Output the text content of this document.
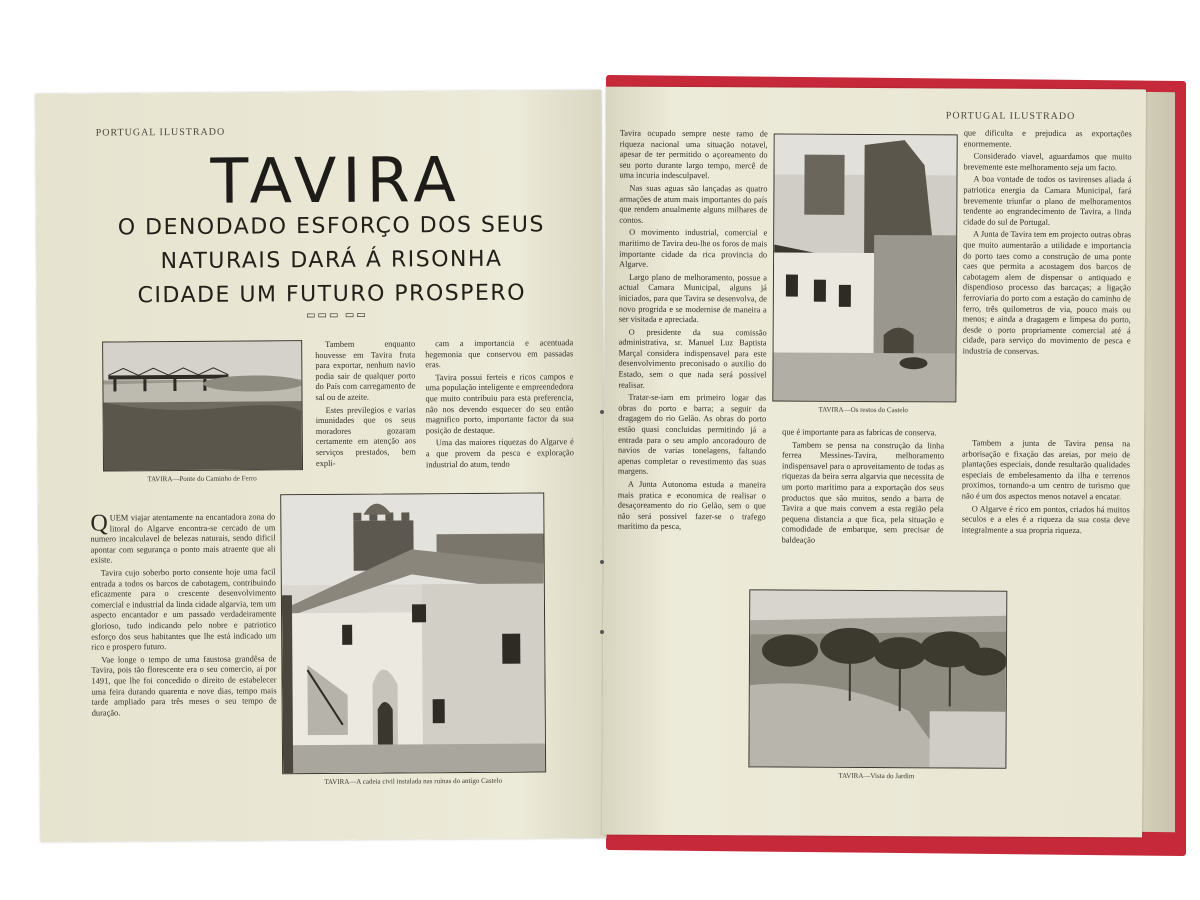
PORTUGAL ILUSTRADO
TAVIRA
O DENODADO ESFORÇO DOS SEUS
NATURAIS DARÁ Á RISONHA
CIDADE UM FUTURO PROSPERO
▭▭▭ ▭▭
TAVIRA—Ponte do Caminho de Ferro

Tambem enquanto houvesse em Tavira fruta para exportar, nenhum navio podia sair de qualquer porto do País com carregamento de sal ou de azeite.

Estes previlegios e varias imunidades que os seus moradores gozaram certamente em atenção aos serviços prestados, bem expli-

cam a importancia e acentuada hegemonia que conservou em passadas eras.

Tavira possui ferteis e ricos campos e uma população inteligente e empreendedora que muito contribuiu para esta preferencia, não nos devendo esquecer do seu então magnifico porto, importante factor da sua posição de destaque.

Uma das maiores riquezas do Algarve é a que provem da pesca e exploração industrial do atum, tendo

QUEM viajar atentamente na encantadora zona do litoral do Algarve encontra-se cercado de um numero incalculavel de belezas naturais, sendo dificil apontar com segurança o ponto mais atraente que ali existe.

Tavira cujo soberbo porto consente hoje uma facil entrada a todos os barcos de cabotagem, contribuindo eficazmente para o crescente desenvolvimento comercial e industrial da linda cidade algarvia, tem um aspecto encantador e um passado verdadeiramente glorioso, tudo indicando pelo nobre e patriotico esforço dos seus habitantes que lhe está indicado um rico e prospero futuro.

Vae longe o tempo de uma faustosa grandêsa de Tavira, pois tão florescente era o seu comercio, aí por 1491, que lhe foi concedido o direito de estabelecer uma feira durando quarenta e nove dias, tempo mais tarde ampliado para três meses o seu tempo de duração.

TAVIRA—A cadeia civil instalada nas ruinas do antigo Castelo
PORTUGAL ILUSTRADO

Tavira ocupado sempre neste ramo de riqueza nacional uma situação notavel, apesar de ter permitido o açoreamento do seu porto durante largo tempo, mercê de uma incuria indesculpavel.

Nas suas aguas são lançadas as quatro armações de atum mais importantes do país que rendem anualmente alguns milhares de contos.

O movimento industrial, comercial e maritimo de Tavira deu-lhe os foros de mais importante cidade da rica provincia do Algarve.

Largo plano de melhoramento, possue a actual Camara Municipal, alguns já iniciados, para que Tavira se desenvolva, de novo progrida e se modernise de maneira a ser visitada e apreciada.

O presidente da sua comissão administrativa, sr. Manuel Luz Baptista Marçal considera indispensavel para este desenvolvimento preconisado o auxilio do Estado, sem o que nada será possivel realisar.

Tratar-se-iam em primeiro logar das obras do porto e barra; a seguir da dragagem do rio Gelão. As obras do porto estão quasi concluidas permitindo já a entrada para o seu amplo ancoradouro de navios de varias tonelagens, faltando apenas completar o revestimento das suas margens.

A Junta Autonoma estuda a maneira mais pratica e economica de realisar o desaçoreamento do rio Gelão, sem o que não será possivel fazer-se o trafego maritimo da pesca,

TAVIRA—Os restos do Castelo

que dificulta e prejudica as exportações enormemente.

Considerado viavel, aguardamos que muito brevemente este melhoramento seja um facto.

A boa vontade de todos os tavirenses aliada á patriotica energia da Camara Municipal, fará brevemente triunfar o plano de melhoramentos tendente ao engrandecimento de Tavira, a linda cidade do sul de Portugal.

A Junta de Tavira tem em projecto outras obras que muito aumentarão a utilidade e importancia do porto taes como a construção de uma ponte caes que permita a acostagem dos barcos de cabotagem alem de dispensar o antiquado e dispendioso processo das barcaças; a ligação ferroviaria do porto com a estação do caminho de ferro, três quilometros de via, pouco mais ou menos; e ainda a dragagem e limpesa do porto, desde o porto propriamente comercial até á cidade, para serviço do movimento de pesca e industria de conservas.

que é importante para as fabricas de conserva.

Tambem se pensa na construção da linha ferrea Messines-Tavira, melhoramento indispensavel para o aproveitamento de todas as riquezas da beira serra algarvia que necessita de um porto maritimo para a exportação dos seus productos que são muitos, sendo a barra de Tavira a que mais convem a esta região pela pequena distancia a que fica, pela situação e comodidade de embarque, sem precisar de baldeação

Tambem a junta de Tavira pensa na arborisação e fixação das areias, por meio de plantações especiais, donde resultarão qualidades especiais de embelesamento da ilha e terrenos proximos, tornando-a um centro de turismo que não é um dos aspectos menos notavel a encatar.

O Algarve é rico em pontos, criados há muitos seculos e a eles é a riqueza da sua costa deve integralmente a sua propria riqueza.

TAVIRA—Vista do Jardim
